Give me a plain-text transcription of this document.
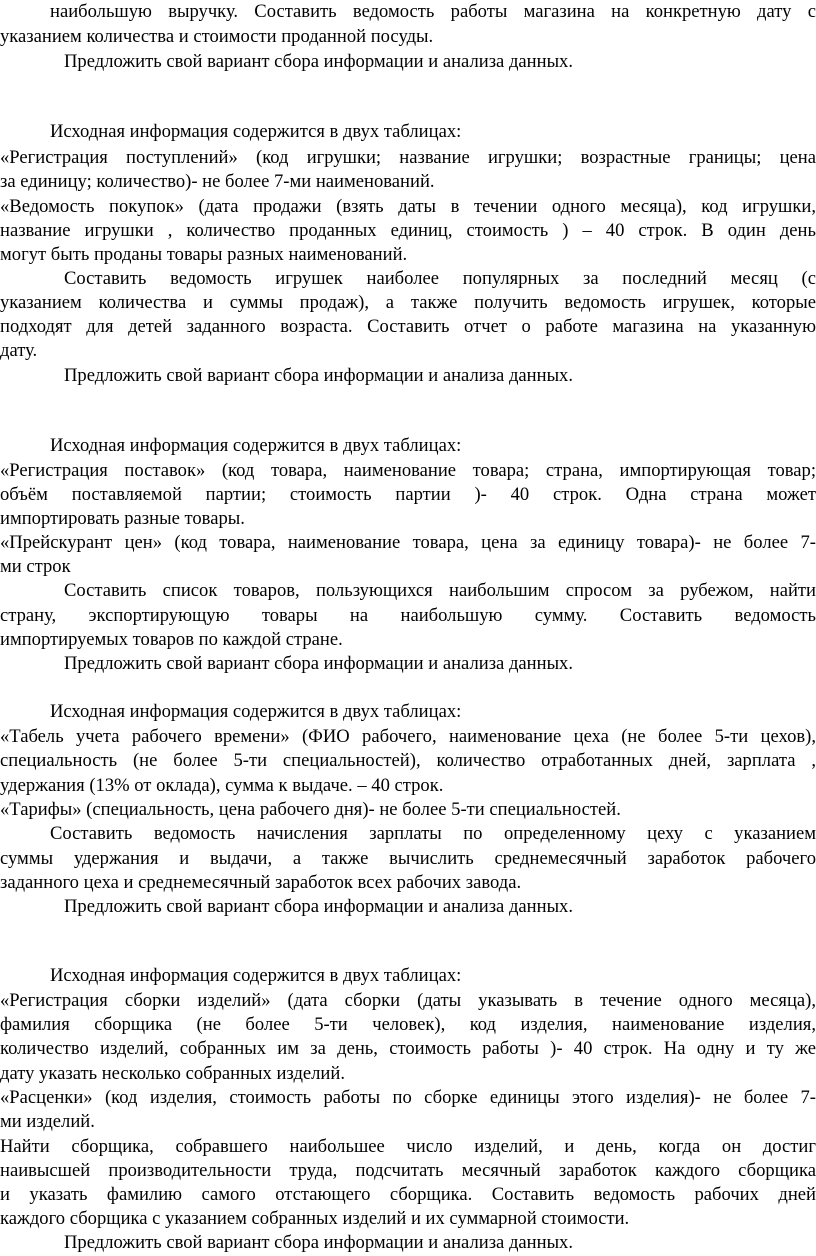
наибольшую выручку. Составить ведомость работы магазина на конкретную дату с
указанием количества и стоимости проданной посуды.
Предложить свой вариант сбора информации и анализа данных.
Исходная информация содержится в двух таблицах:
«Регистрация поступлений» (код игрушки; название игрушки; возрастные границы; цена
за единицу; количество)- не более 7-ми наименований.
«Ведомость покупок» (дата продажи (взять даты в течении одного месяца), код игрушки,
название игрушки , количество проданных единиц, стоимость ) – 40 строк. В один день
могут быть проданы товары разных наименований.
Составить ведомость игрушек наиболее популярных за последний месяц (с
указанием количества и суммы продаж), а также получить ведомость игрушек, которые
подходят для детей заданного возраста. Составить отчет о работе магазина на указанную
дату.
Предложить свой вариант сбора информации и анализа данных.
Исходная информация содержится в двух таблицах:
«Регистрация поставок» (код товара, наименование товара; страна, импортирующая товар;
объём поставляемой партии; стоимость партии )- 40 строк. Одна страна может
импортировать разные товары.
«Прейскурант цен» (код товара, наименование товара, цена за единицу товара)- не более 7-
ми строк
Составить список товаров, пользующихся наибольшим спросом за рубежом, найти
страну, экспортирующую товары на наибольшую сумму. Составить ведомость
импортируемых товаров по каждой стране.
Предложить свой вариант сбора информации и анализа данных.
Исходная информация содержится в двух таблицах:
«Табель учета рабочего времени» (ФИО рабочего, наименование цеха (не более 5-ти цехов),
специальность (не более 5-ти специальностей), количество отработанных дней, зарплата ,
удержания (13% от оклада), сумма к выдаче. – 40 строк.
«Тарифы» (специальность, цена рабочего дня)- не более 5-ти специальностей.
Составить ведомость начисления зарплаты по определенному цеху с указанием
суммы удержания и выдачи, а также вычислить среднемесячный заработок рабочего
заданного цеха и среднемесячный заработок всех рабочих завода.
Предложить свой вариант сбора информации и анализа данных.
Исходная информация содержится в двух таблицах:
«Регистрация сборки изделий» (дата сборки (даты указывать в течение одного месяца),
фамилия сборщика (не более 5-ти человек), код изделия, наименование изделия,
количество изделий, собранных им за день, стоимость работы )- 40 строк. На одну и ту же
дату указать несколько собранных изделий.
«Расценки» (код изделия, стоимость работы по сборке единицы этого изделия)- не более 7-
ми изделий.
Найти сборщика, собравшего наибольшее число изделий, и день, когда он достиг
наивысшей производительности труда, подсчитать месячный заработок каждого сборщика
и указать фамилию самого отстающего сборщика. Составить ведомость рабочих дней
каждого сборщика с указанием собранных изделий и их суммарной стоимости.
Предложить свой вариант сбора информации и анализа данных.
